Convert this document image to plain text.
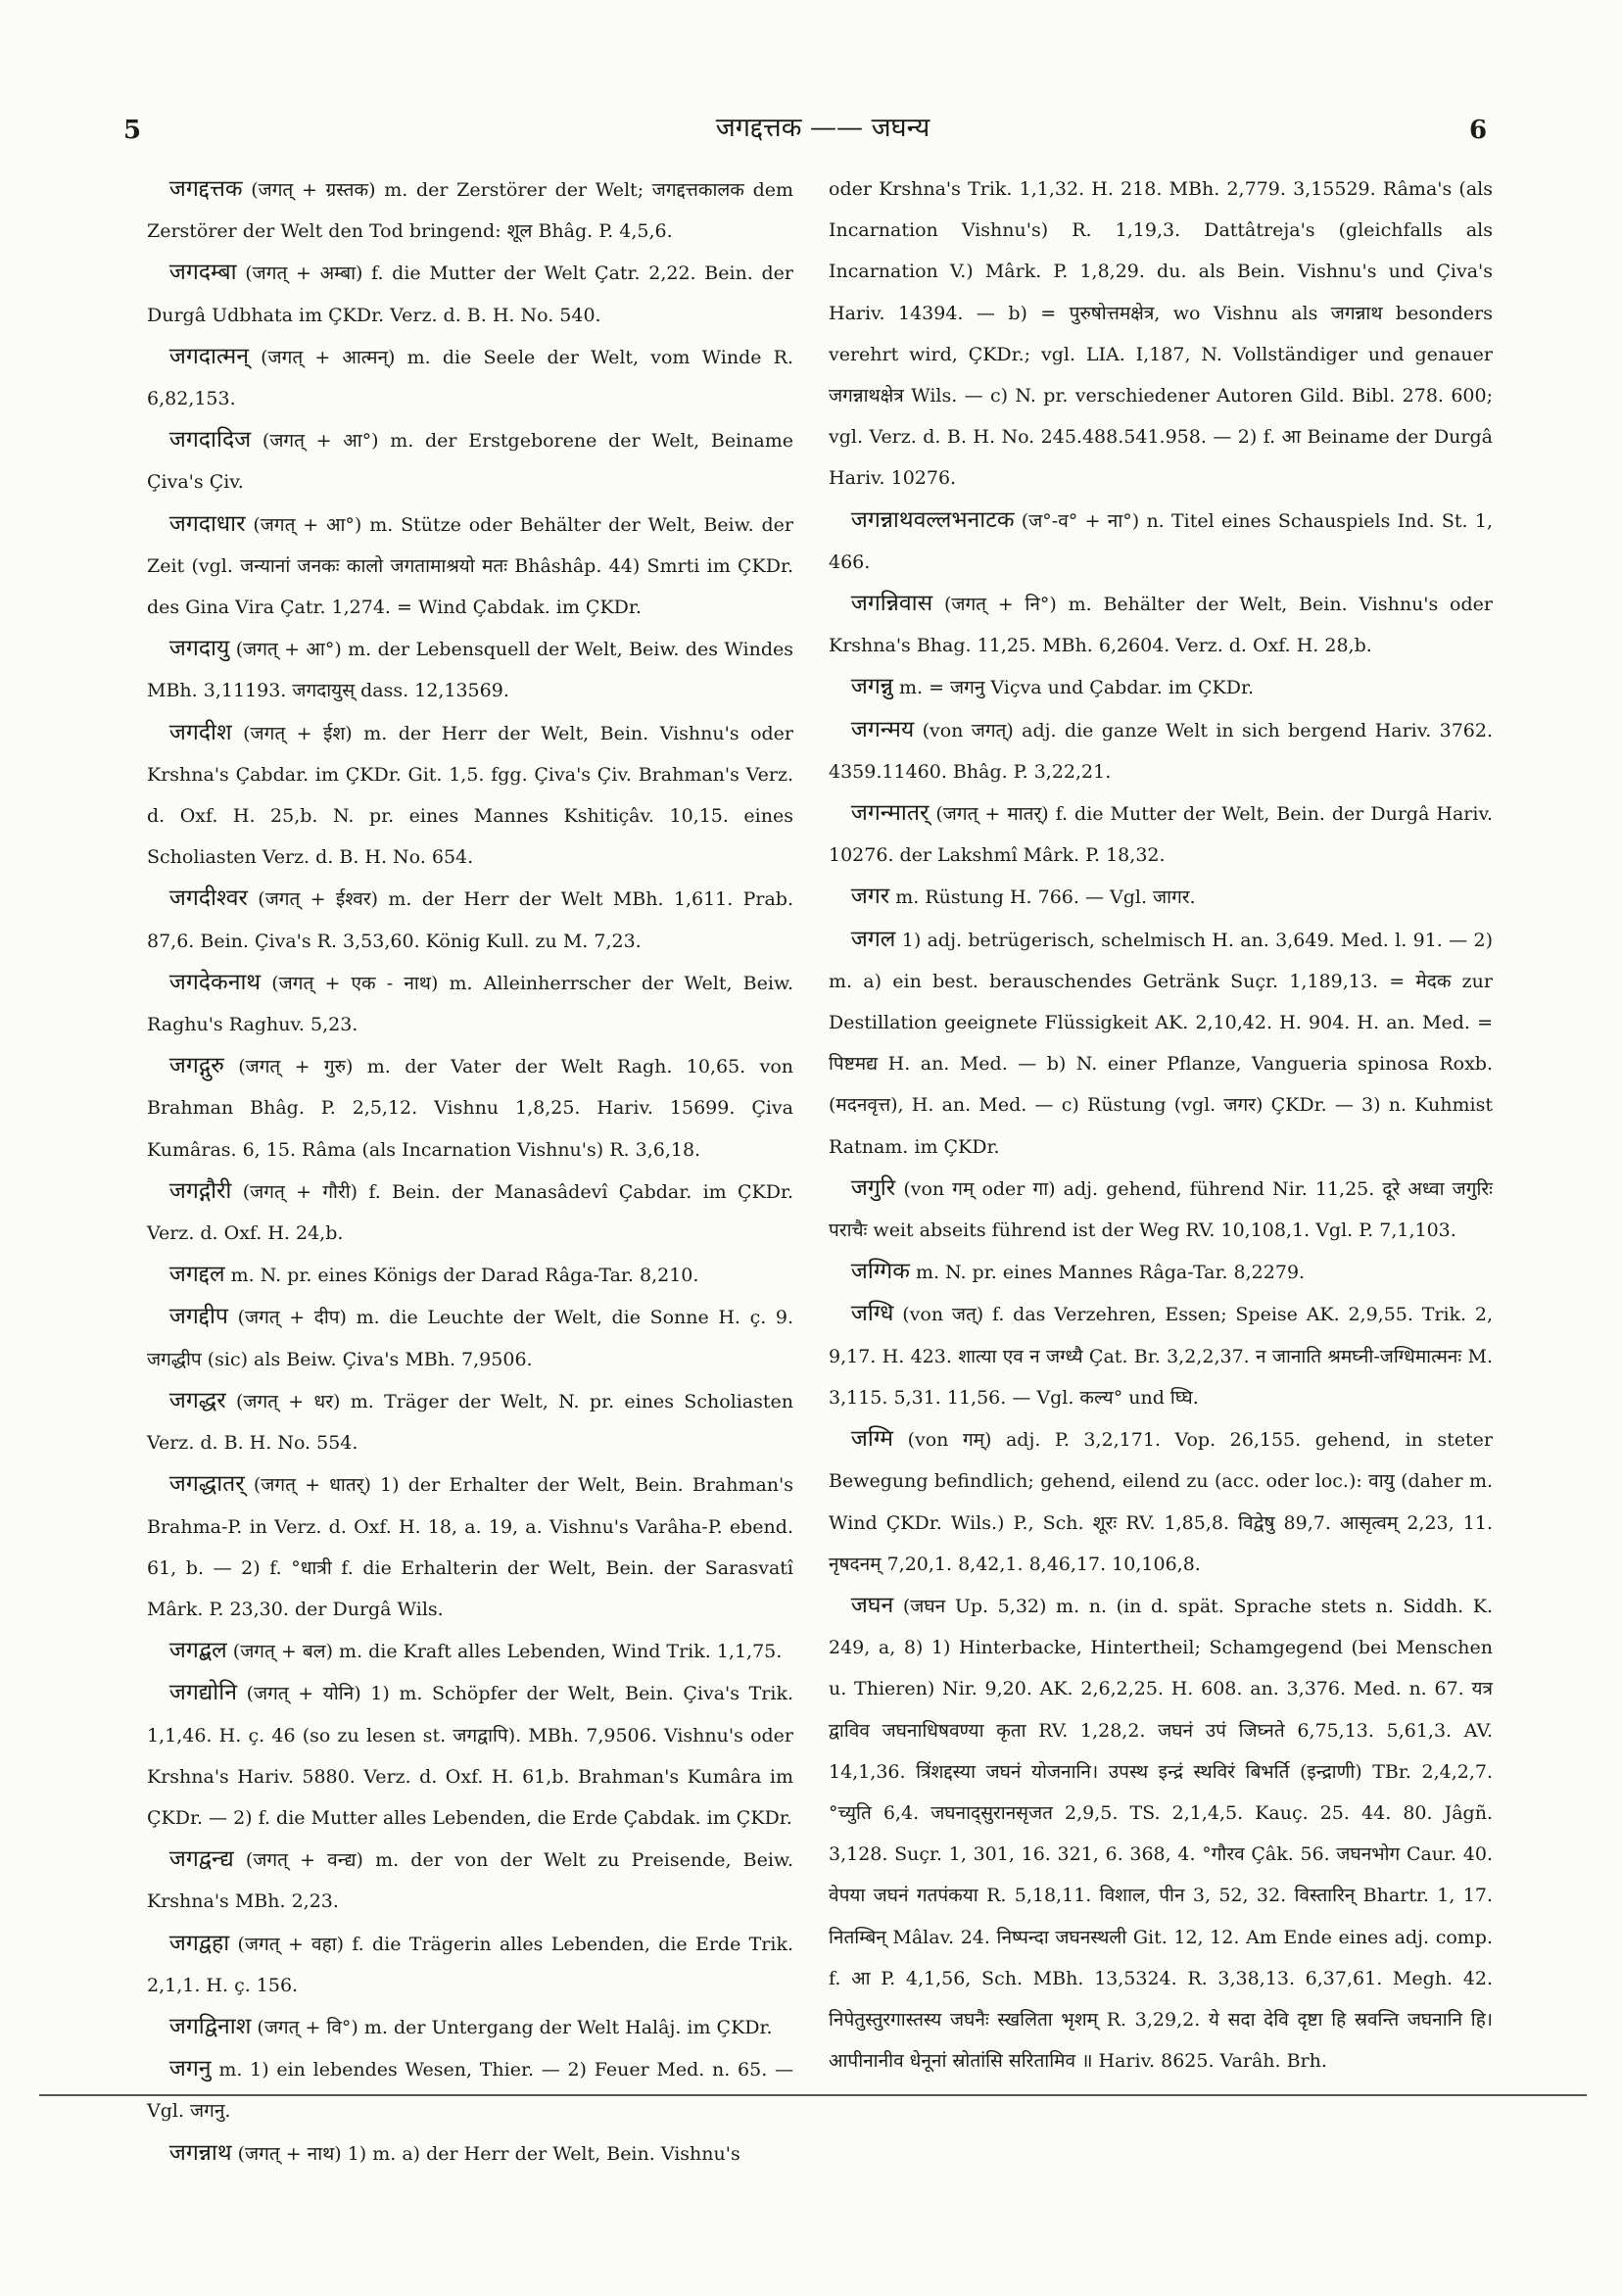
5	जगद्दत्तक —— जघन्य	6

जगद्दत्तक (जगत् + ग्रस्तक) m. der Zerstörer der Welt; जगद्दत्तकालक dem Zerstörer der Welt den Tod bringend: शूल Bhâg. P. 4,5,6.

जगदम्बा (जगत् + अम्बा) f. die Mutter der Welt Çatr. 2,22. Bein. der Durgâ Udbhata im ÇKDr. Verz. d. B. H. No. 540.

जगदात्मन् (जगत् + आत्मन्) m. die Seele der Welt, vom Winde R. 6,82,153.

जगदादिज (जगत् + आ°) m. der Erstgeborene der Welt, Beiname Çiva's Çiv.

जगदाधार (जगत् + आ°) m. Stütze oder Behälter der Welt, Beiw. der Zeit (vgl. जन्यानां जनकः कालो जगतामाश्रयो मतः Bhâshâp. 44) Smrti im ÇKDr. des Gina Vira Çatr. 1,274. = Wind Çabdak. im ÇKDr.

जगदायु (जगत् + आ°) m. der Lebensquell der Welt, Beiw. des Windes MBh. 3,11193. जगदायुस् dass. 12,13569.

जगदीश (जगत् + ईश) m. der Herr der Welt, Bein. Vishnu's oder Krshna's Çabdar. im ÇKDr. Git. 1,5. fgg. Çiva's Çiv. Brahman's Verz. d. Oxf. H. 25,b. N. pr. eines Mannes Kshitiçâv. 10,15. eines Scholiasten Verz. d. B. H. No. 654.

जगदीश्वर (जगत् + ईश्वर) m. der Herr der Welt MBh. 1,611. Prab. 87,6. Bein. Çiva's R. 3,53,60. König Kull. zu M. 7,23.

जगदेकनाथ (जगत् + एक - नाथ) m. Alleinherrscher der Welt, Beiw. Raghu's Raghuv. 5,23.

जगद्गुरु (जगत् + गुरु) m. der Vater der Welt Ragh. 10,65. von Brahman Bhâg. P. 2,5,12. Vishnu 1,8,25. Hariv. 15699. Çiva Kumâras. 6, 15. Râma (als Incarnation Vishnu's) R. 3,6,18.

जगद्गौरी (जगत् + गौरी) f. Bein. der Manasâdevî Çabdar. im ÇKDr. Verz. d. Oxf. H. 24,b.

जगद्दल m. N. pr. eines Königs der Darad Râga-Tar. 8,210.

जगद्दीप (जगत् + दीप) m. die Leuchte der Welt, die Sonne H. ç. 9. जगद्धीप (sic) als Beiw. Çiva's MBh. 7,9506.

जगद्धर (जगत् + धर) m. Träger der Welt, N. pr. eines Scholiasten Verz. d. B. H. No. 554.

जगद्धातर् (जगत् + धातर्) 1) der Erhalter der Welt, Bein. Brahman's Brahma-P. in Verz. d. Oxf. H. 18, a. 19, a. Vishnu's Varâha-P. ebend. 61, b. — 2) f. °धात्री f. die Erhalterin der Welt, Bein. der Sarasvatî Mârk. P. 23,30. der Durgâ Wils.

जगद्बल (जगत् + बल) m. die Kraft alles Lebenden, Wind Trik. 1,1,75.

जगद्योनि (जगत् + योनि) 1) m. Schöpfer der Welt, Bein. Çiva's Trik. 1,1,46. H. ç. 46 (so zu lesen st. जगद्वापि). MBh. 7,9506. Vishnu's oder Krshna's Hariv. 5880. Verz. d. Oxf. H. 61,b. Brahman's Kumâra im ÇKDr. — 2) f. die Mutter alles Lebenden, die Erde Çabdak. im ÇKDr.

जगद्वन्द्य (जगत् + वन्द्य) m. der von der Welt zu Preisende, Beiw. Krshna's MBh. 2,23.

जगद्वहा (जगत् + वहा) f. die Trägerin alles Lebenden, die Erde Trik. 2,1,1. H. ç. 156.

जगद्विनाश (जगत् + वि°) m. der Untergang der Welt Halâj. im ÇKDr.

जगनु m. 1) ein lebendes Wesen, Thier. — 2) Feuer Med. n. 65. — Vgl. जगनु.

जगन्नाथ (जगत् + नाथ) 1) m. a) der Herr der Welt, Bein. Vishnu's

oder Krshna's Trik. 1,1,32. H. 218. MBh. 2,779. 3,15529. Râma's (als Incarnation Vishnu's) R. 1,19,3. Dattâtreja's (gleichfalls als Incarnation V.) Mârk. P. 1,8,29. du. als Bein. Vishnu's und Çiva's Hariv. 14394. — b) = पुरुषोत्तमक्षेत्र, wo Vishnu als जगन्नाथ besonders verehrt wird, ÇKDr.; vgl. LIA. I,187, N. Vollständiger und genauer जगन्नाथक्षेत्र Wils. — c) N. pr. verschiedener Autoren Gild. Bibl. 278. 600; vgl. Verz. d. B. H. No. 245.488.541.958. — 2) f. आ Beiname der Durgâ Hariv. 10276.

जगन्नाथवल्लभनाटक (ज°-व° + ना°) n. Titel eines Schauspiels Ind. St. 1, 466.

जगन्निवास (जगत् + नि°) m. Behälter der Welt, Bein. Vishnu's oder Krshna's Bhag. 11,25. MBh. 6,2604. Verz. d. Oxf. H. 28,b.

जगन्नु m. = जगनु Viçva und Çabdar. im ÇKDr.

जगन्मय (von जगत्) adj. die ganze Welt in sich bergend Hariv. 3762. 4359.11460. Bhâg. P. 3,22,21.

जगन्मातर् (जगत् + मातर्) f. die Mutter der Welt, Bein. der Durgâ Hariv. 10276. der Lakshmî Mârk. P. 18,32.

जगर m. Rüstung H. 766. — Vgl. जागर.

जगल 1) adj. betrügerisch, schelmisch H. an. 3,649. Med. l. 91. — 2) m. a) ein best. berauschendes Getränk Suçr. 1,189,13. = मेदक zur Destillation geeignete Flüssigkeit AK. 2,10,42. H. 904. H. an. Med. = पिष्टमद्य H. an. Med. — b) N. einer Pflanze, Vangueria spinosa Roxb. (मदनवृत्त), H. an. Med. — c) Rüstung (vgl. जगर) ÇKDr. — 3) n. Kuhmist Ratnam. im ÇKDr.

जगुरि (von गम् oder गा) adj. gehend, führend Nir. 11,25. दूरे अध्वा जगुरिः पराचैः weit abseits führend ist der Weg RV. 10,108,1. Vgl. P. 7,1,103.

जग्गिक m. N. pr. eines Mannes Râga-Tar. 8,2279.

जग्धि (von जत्) f. das Verzehren, Essen; Speise AK. 2,9,55. Trik. 2, 9,17. H. 423. शात्या एव न जग्ध्यै Çat. Br. 3,2,2,37. न जानाति श्रमघ्नी-जग्धिमात्मनः M. 3,115. 5,31. 11,56. — Vgl. कल्य° und घ्घि.

जग्मि (von गम्) adj. P. 3,2,171. Vop. 26,155. gehend, in steter Bewegung befindlich; gehend, eilend zu (acc. oder loc.): वायु (daher m. Wind ÇKDr. Wils.) P., Sch. शूरः RV. 1,85,8. विद्वेषु 89,7. आसृत्वम् 2,23, 11. नृषदनम् 7,20,1. 8,42,1. 8,46,17. 10,106,8.

जघन (जघन Up. 5,32) m. n. (in d. spät. Sprache stets n. Siddh. K. 249, a, 8) 1) Hinterbacke, Hintertheil; Schamgegend (bei Menschen u. Thieren) Nir. 9,20. AK. 2,6,2,25. H. 608. an. 3,376. Med. n. 67. यत्र द्वाविव जघनाधिषवण्या कृता RV. 1,28,2. जघनं उपं जिघ्नते 6,75,13. 5,61,3. AV. 14,1,36. त्रिंशद्दस्या जघनं योजनानि। उपस्थ इन्द्रं स्थविरं बिभर्ति (इन्द्राणी) TBr. 2,4,2,7. °च्युति 6,4. जघनाद्सुरानसृजत 2,9,5. TS. 2,1,4,5. Kauç. 25. 44. 80. Jâgñ. 3,128. Suçr. 1, 301, 16. 321, 6. 368, 4. °गौरव Çâk. 56. जघनभोग Caur. 40. वेपया जघनं गतपंकया R. 5,18,11. विशाल, पीन 3, 52, 32. विस्तारिन् Bhartr. 1, 17. नितम्बिन् Mâlav. 24. निष्पन्दा जघनस्थली Git. 12, 12. Am Ende eines adj. comp. f. आ P. 4,1,56, Sch. MBh. 13,5324. R. 3,38,13. 6,37,61. Megh. 42. निपेतुस्तुरगास्तस्य जघनैः स्खलिता भृशम् R. 3,29,2. ये सदा देवि दृष्टा हि स्रवन्ति जघनानि हि। आपीनानीव धेनूनां स्रोतांसि सरितामिव ॥ Hariv. 8625. Varâh. Brh.
